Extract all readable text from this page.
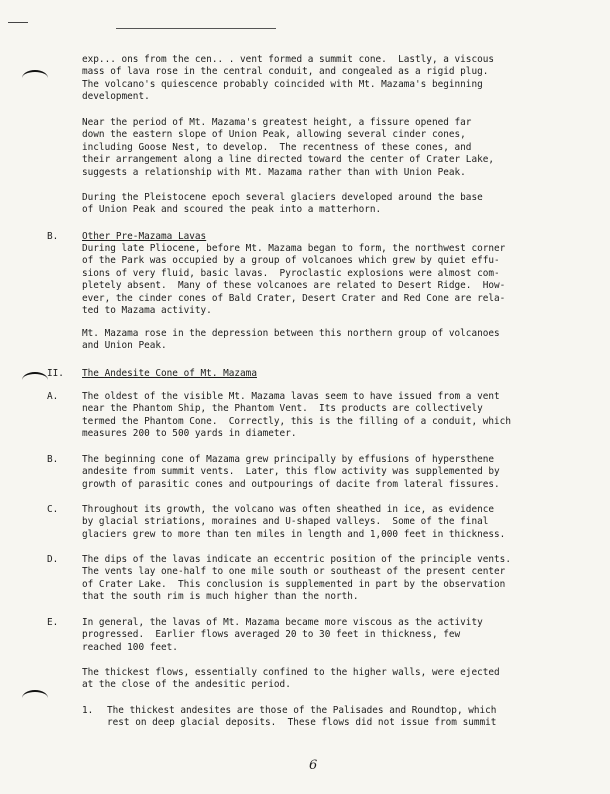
exp... ons from the cen.. . vent formed a summit cone.  Lastly, a viscous
mass of lava rose in the central conduit, and congealed as a rigid plug.
The volcano's quiescence probably coincided with Mt. Mazama's beginning
development.

Near the period of Mt. Mazama's greatest height, a fissure opened far
down the eastern slope of Union Peak, allowing several cinder cones,
including Goose Nest, to develop.  The recentness of these cones, and
their arrangement along a line directed toward the center of Crater Lake,
suggests a relationship with Mt. Mazama rather than with Union Peak.

During the Pleistocene epoch several glaciers developed around the base
of Union Peak and scoured the peak into a matterhorn.

B.	Other Pre-Mazama Lavas

During late Pliocene, before Mt. Mazama began to form, the northwest corner
of the Park was occupied by a group of volcanoes which grew by quiet effu-
sions of very fluid, basic lavas.  Pyroclastic explosions were almost com-
pletely absent.  Many of these volcanoes are related to Desert Ridge.  How-
ever, the cinder cones of Bald Crater, Desert Crater and Red Cone are rela-
ted to Mazama activity.

Mt. Mazama rose in the depression between this northern group of volcanoes
and Union Peak.

II. The Andesite Cone of Mt. Mazama

A.	The oldest of the visible Mt. Mazama lavas seem to have issued from a vent
near the Phantom Ship, the Phantom Vent.  Its products are collectively
termed the Phantom Cone.  Correctly, this is the filling of a conduit, which
measures 200 to 500 yards in diameter.

B.	The beginning cone of Mazama grew principally by effusions of hypersthene
andesite from summit vents.  Later, this flow activity was supplemented by
growth of parasitic cones and outpourings of dacite from lateral fissures.

C.	Throughout its growth, the volcano was often sheathed in ice, as evidence
by glacial striations, moraines and U-shaped valleys.  Some of the final
glaciers grew to more than ten miles in length and 1,000 feet in thickness.

D.	The dips of the lavas indicate an eccentric position of the principle vents.
The vents lay one-half to one mile south or southeast of the present center
of Crater Lake.  This conclusion is supplemented in part by the observation
that the south rim is much higher than the north.

E.	In general, the lavas of Mt. Mazama became more viscous as the activity
progressed.  Earlier flows averaged 20 to 30 feet in thickness, few
reached 100 feet.

The thickest flows, essentially confined to the higher walls, were ejected
at the close of the andesitic period.

1. The thickest andesites are those of the Palisades and Roundtop, which
rest on deep glacial deposits.  These flows did not issue from summit

6
